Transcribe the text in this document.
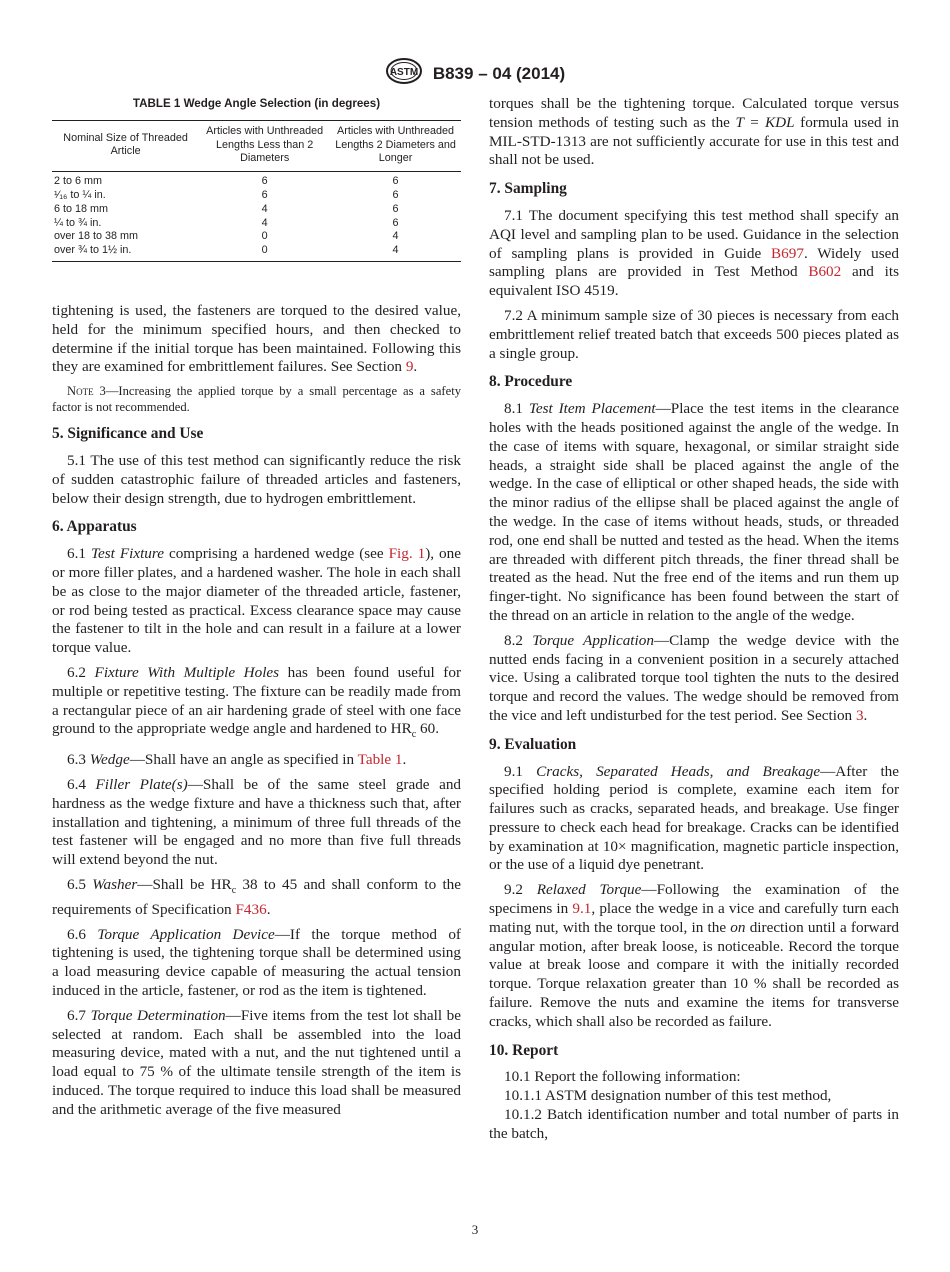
ASTM B839 – 04 (2014)
TABLE 1 Wedge Angle Selection (in degrees)
Nominal Size of Threaded Article	Articles with Unthreaded Lengths Less than 2 Diameters	Articles with Unthreaded Lengths 2 Diameters and Longer
2 to 6 mm	6	6
¹⁄₁₆ to ¼ in.	6	6
6 to 18 mm	4	6
¼ to ¾ in.	4	6
over 18 to 38 mm	0	4
over ¾ to 1½ in.	0	4

tightening is used, the fasteners are torqued to the desired value, held for the minimum specified hours, and then checked to determine if the initial torque has been maintained. Following this they are examined for embrittlement failures. See Section 9.

Note 3—Increasing the applied torque by a small percentage as a safety factor is not recommended.

5. Significance and Use

5.1 The use of this test method can significantly reduce the risk of sudden catastrophic failure of threaded articles and fasteners, below their design strength, due to hydrogen embrittlement.

6. Apparatus

6.1 Test Fixture comprising a hardened wedge (see Fig. 1), one or more filler plates, and a hardened washer. The hole in each shall be as close to the major diameter of the threaded article, fastener, or rod being tested as practical. Excess clearance space may cause the fastener to tilt in the hole and can result in a failure at a lower torque value.

6.2 Fixture With Multiple Holes has been found useful for multiple or repetitive testing. The fixture can be readily made from a rectangular piece of an air hardening grade of steel with one face ground to the appropriate wedge angle and hardened to $HR_c$ 60.

6.3 Wedge—Shall have an angle as specified in Table 1.

6.4 Filler Plate(s)—Shall be of the same steel grade and hardness as the wedge fixture and have a thickness such that, after installation and tightening, a minimum of three full threads of the test fastener will be engaged and no more than five full threads will extend beyond the nut.

6.5 Washer—Shall be $HR_c$ 38 to 45 and shall conform to the requirements of Specification F436.

6.6 Torque Application Device—If the torque method of tightening is used, the tightening torque shall be determined using a load measuring device capable of measuring the actual tension induced in the article, fastener, or rod as the item is tightened.

6.7 Torque Determination—Five items from the test lot shall be selected at random. Each shall be assembled into the load measuring device, mated with a nut, and the nut tightened until a load equal to 75 % of the ultimate tensile strength of the item is induced. The torque required to induce this load shall be measured and the arithmetic average of the five measured

torques shall be the tightening torque. Calculated torque versus tension methods of testing such as the T = KDL formula used in MIL-STD-1313 are not sufficiently accurate for use in this test and shall not be used.

7. Sampling

7.1 The document specifying this test method shall specify an AQI level and sampling plan to be used. Guidance in the selection of sampling plans is provided in Guide B697. Widely used sampling plans are provided in Test Method B602 and its equivalent ISO 4519.

7.2 A minimum sample size of 30 pieces is necessary from each embrittlement relief treated batch that exceeds 500 pieces plated as a single group.

8. Procedure

8.1 Test Item Placement—Place the test items in the clearance holes with the heads positioned against the angle of the wedge. In the case of items with square, hexagonal, or similar straight side heads, a straight side shall be placed against the angle of the wedge. In the case of elliptical or other shaped heads, the side with the minor radius of the ellipse shall be placed against the angle of the wedge. In the case of items without heads, studs, or threaded rod, one end shall be nutted and tested as the head. When the items are threaded with different pitch threads, the finer thread shall be treated as the head. Nut the free end of the items and run them up finger-tight. No significance has been found between the start of the thread on an article in relation to the angle of the wedge.

8.2 Torque Application—Clamp the wedge device with the nutted ends facing in a convenient position in a securely attached vice. Using a calibrated torque tool tighten the nuts to the desired torque and record the values. The wedge should be removed from the vice and left undisturbed for the test period. See Section 3.

9. Evaluation

9.1 Cracks, Separated Heads, and Breakage—After the specified holding period is complete, examine each item for failures such as cracks, separated heads, and breakage. Use finger pressure to check each head for breakage. Cracks can be identified by examination at 10× magnification, magnetic particle inspection, or the use of a liquid dye penetrant.

9.2 Relaxed Torque—Following the examination of the specimens in 9.1, place the wedge in a vice and carefully turn each mating nut, with the torque tool, in the on direction until a forward angular motion, after break loose, is noticeable. Record the torque value at break loose and compare it with the initially recorded torque. Torque relaxation greater than 10 % shall be recorded as failure. Remove the nuts and examine the items for transverse cracks, which shall also be recorded as failure.

10. Report

10.1 Report the following information:

10.1.1 ASTM designation number of this test method,

10.1.2 Batch identification number and total number of parts in the batch,

3
